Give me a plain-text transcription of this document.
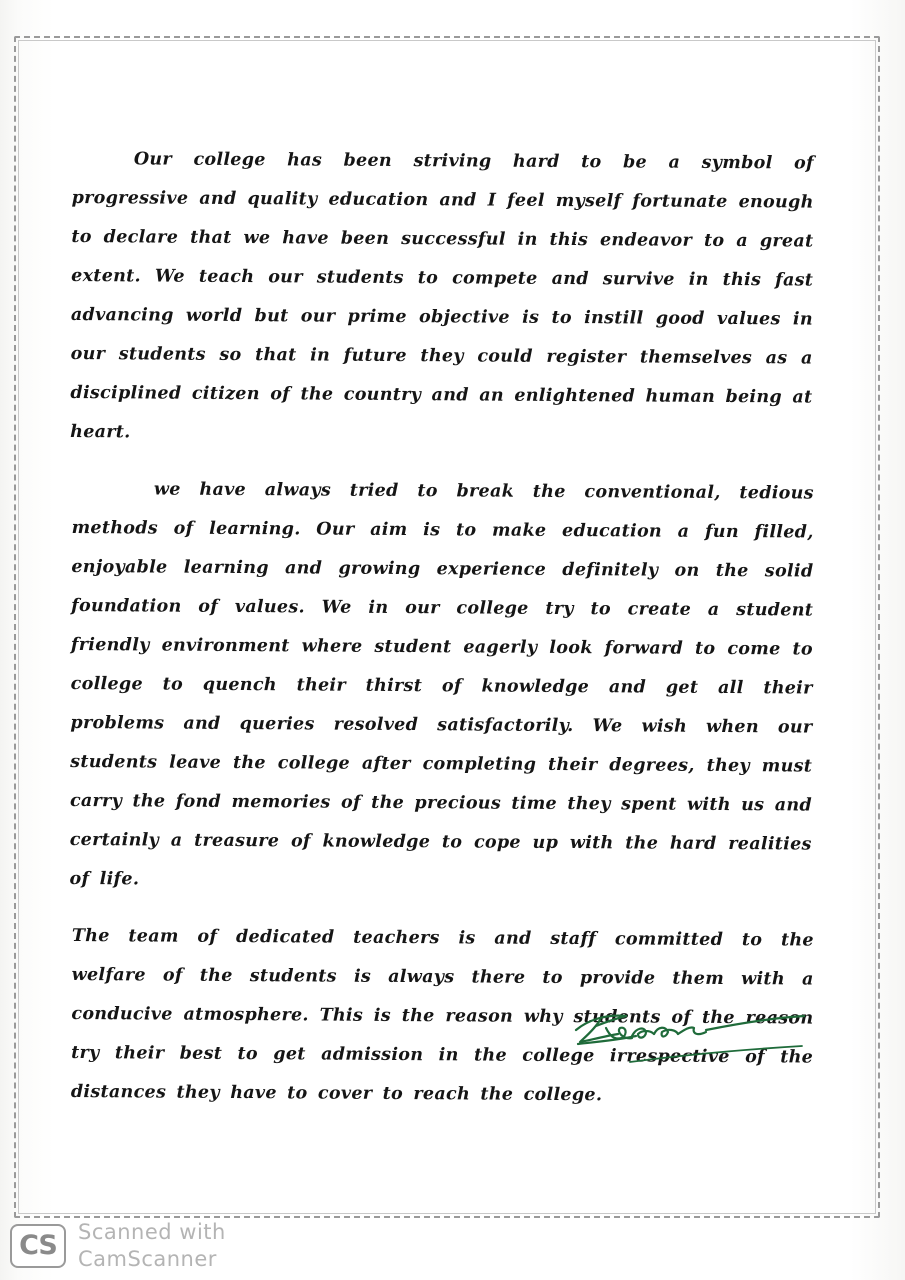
Our college has been striving hard to be a symbol of progressive and quality education and I feel myself fortunate enough to declare that we have been successful in this endeavor to a great extent. We teach our students to compete and survive in this fast advancing world but our prime objective is to instill good values in our students so that in future they could register themselves as a disciplined citizen of the country and an enlightened human being at heart.

we have always tried to break the conventional, tedious methods of learning. Our aim is to make education a fun filled, enjoyable learning and growing experience definitely on the solid foundation of values. We in our college try to create a student friendly environment where student eagerly look forward to come to college to quench their thirst of knowledge and get all their problems and queries resolved satisfactorily. We wish when our students leave the college after completing their degrees, they must carry the fond memories of the precious time they spent with us and certainly a treasure of knowledge to cope up with the hard realities of life.

The team of dedicated teachers is and staff committed to the welfare of the students is always there to provide them with a conducive atmosphere. This is the reason why students of the reason try their best to get admission in the college irrespective of the distances they have to cover to reach the college.

CS	Scanned with
CamScanner
